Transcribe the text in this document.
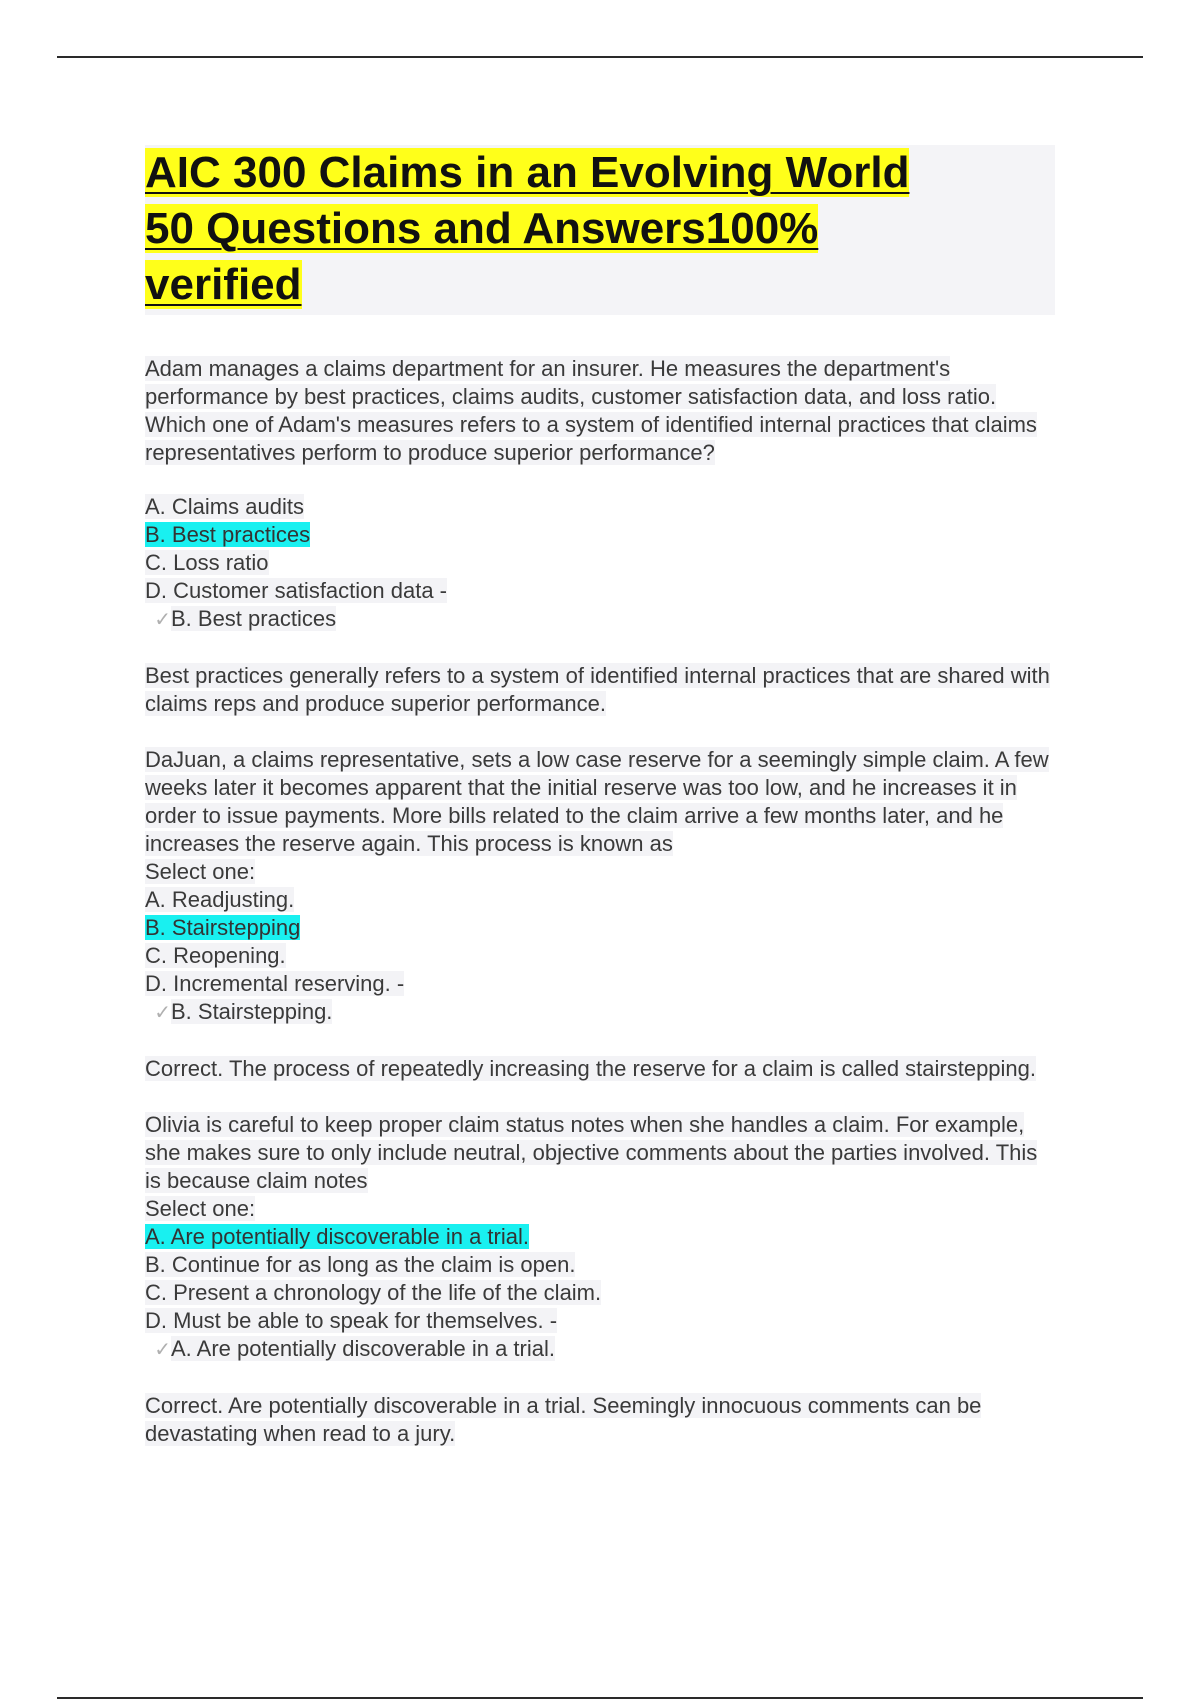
AIC 300 Claims in an Evolving World
50 Questions and Answers100%
verified

Adam manages a claims department for an insurer. He measures the department's performance by best practices, claims audits, customer satisfaction data, and loss ratio. Which one of Adam's measures refers to a system of identified internal practices that claims representatives perform to produce superior performance?

A. Claims audits
B. Best practices
C. Loss ratio
D. Customer satisfaction data -
✓B. Best practices

Best practices generally refers to a system of identified internal practices that are shared with claims reps and produce superior performance.

DaJuan, a claims representative, sets a low case reserve for a seemingly simple claim. A few weeks later it becomes apparent that the initial reserve was too low, and he increases it in order to issue payments. More bills related to the claim arrive a few months later, and he increases the reserve again. This process is known as

Select one:
A. Readjusting.
B. Stairstepping
C. Reopening.
D. Incremental reserving. -
✓B. Stairstepping.

Correct. The process of repeatedly increasing the reserve for a claim is called stairstepping.

Olivia is careful to keep proper claim status notes when she handles a claim. For example, she makes sure to only include neutral, objective comments about the parties involved. This is because claim notes

Select one:
A. Are potentially discoverable in a trial.
B. Continue for as long as the claim is open.
C. Present a chronology of the life of the claim.
D. Must be able to speak for themselves. -
✓A. Are potentially discoverable in a trial.

Correct. Are potentially discoverable in a trial. Seemingly innocuous comments can be devastating when read to a jury.
